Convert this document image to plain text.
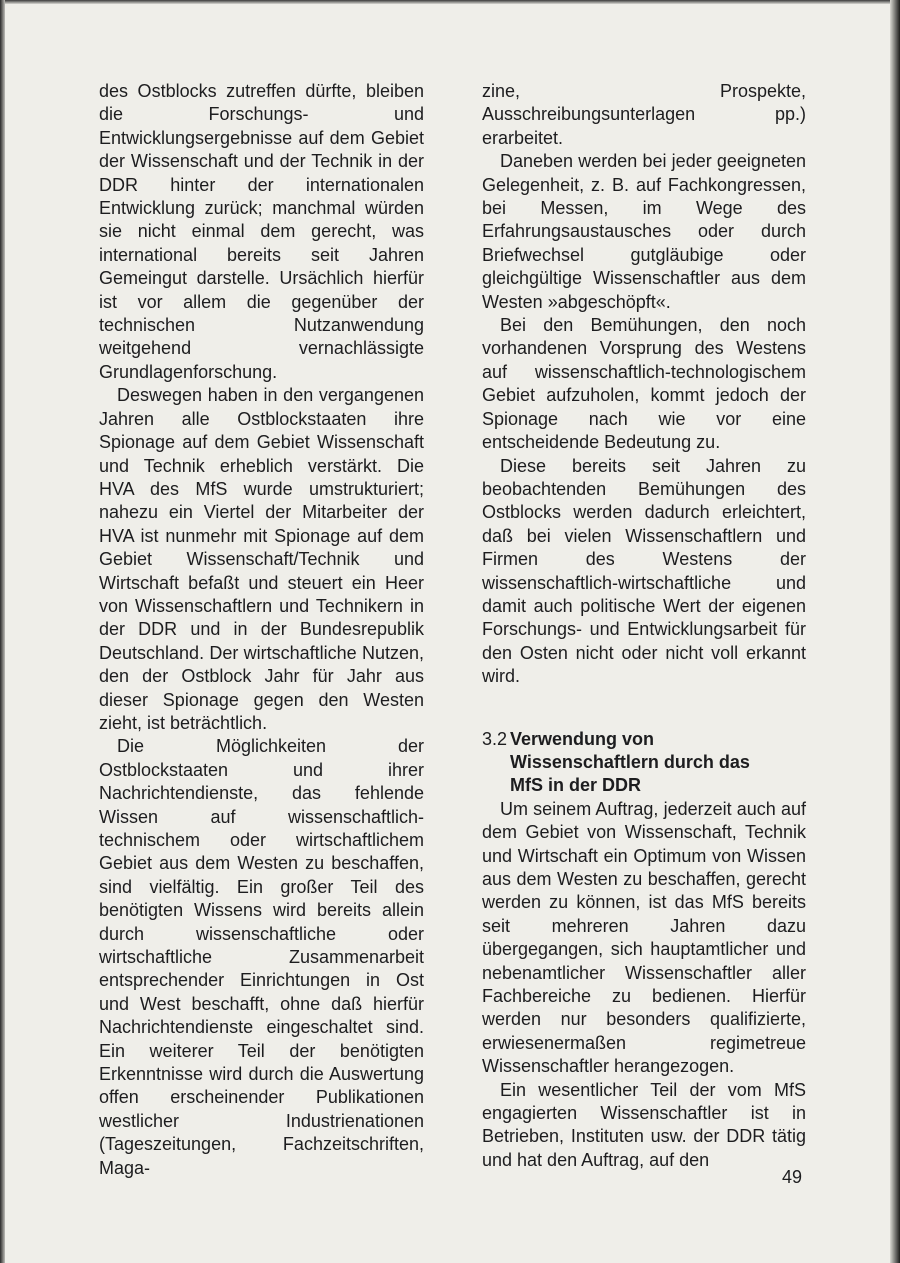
des Ostblocks zutreffen dürfte, bleiben die Forschungs- und Entwicklungsergebnisse auf dem Gebiet der Wissenschaft und der Technik in der DDR hinter der internationalen Entwicklung zurück; manchmal würden sie nicht einmal dem gerecht, was international bereits seit Jahren Gemeingut darstelle. Ursächlich hierfür ist vor allem die gegenüber der technischen Nutzanwendung weitgehend vernachlässigte Grundlagenforschung.

Deswegen haben in den vergangenen Jahren alle Ostblockstaaten ihre Spionage auf dem Gebiet Wissenschaft und Technik erheblich verstärkt. Die HVA des MfS wurde umstrukturiert; nahezu ein Viertel der Mitarbeiter der HVA ist nunmehr mit Spionage auf dem Gebiet Wissenschaft/Technik und Wirtschaft befaßt und steuert ein Heer von Wissenschaftlern und Technikern in der DDR und in der Bundesrepublik Deutschland. Der wirtschaftliche Nutzen, den der Ostblock Jahr für Jahr aus dieser Spionage gegen den Westen zieht, ist beträchtlich.

Die Möglichkeiten der Ostblockstaaten und ihrer Nachrichtendienste, das fehlende Wissen auf wissenschaftlich-technischem oder wirtschaftlichem Gebiet aus dem Westen zu beschaffen, sind vielfältig. Ein großer Teil des benötigten Wissens wird bereits allein durch wissenschaftliche oder wirtschaftliche Zusammenarbeit entsprechender Einrichtungen in Ost und West beschafft, ohne daß hierfür Nachrichtendienste eingeschaltet sind. Ein weiterer Teil der benötigten Erkenntnisse wird durch die Auswertung offen erscheinender Publikationen westlicher Industrienationen (Tageszeitungen, Fachzeitschriften, Maga-

zine, Prospekte, Ausschreibungsunterlagen pp.) erarbeitet.

Daneben werden bei jeder geeigneten Gelegenheit, z. B. auf Fachkongressen, bei Messen, im Wege des Erfahrungsaustausches oder durch Briefwechsel gutgläubige oder gleichgültige Wissenschaftler aus dem Westen »abgeschöpft«.

Bei den Bemühungen, den noch vorhandenen Vorsprung des Westens auf wissenschaftlich-technologischem Gebiet aufzuholen, kommt jedoch der Spionage nach wie vor eine entscheidende Bedeutung zu.

Diese bereits seit Jahren zu beobachtenden Bemühungen des Ostblocks werden dadurch erleichtert, daß bei vielen Wissenschaftlern und Firmen des Westens der wissenschaftlich-wirtschaftliche und damit auch politische Wert der eigenen Forschungs- und Entwicklungsarbeit für den Osten nicht oder nicht voll erkannt wird.

3.2 Verwendung von
Wissenschaftlern durch das
MfS in der DDR

Um seinem Auftrag, jederzeit auch auf dem Gebiet von Wissenschaft, Technik und Wirtschaft ein Optimum von Wissen aus dem Westen zu beschaffen, gerecht werden zu können, ist das MfS bereits seit mehreren Jahren dazu übergegangen, sich hauptamtlicher und nebenamtlicher Wissenschaftler aller Fachbereiche zu bedienen. Hierfür werden nur besonders qualifizierte, erwiesenermaßen regimetreue Wissenschaftler herangezogen.

Ein wesentlicher Teil der vom MfS engagierten Wissenschaftler ist in Betrieben, Instituten usw. der DDR tätig und hat den Auftrag, auf den

49
